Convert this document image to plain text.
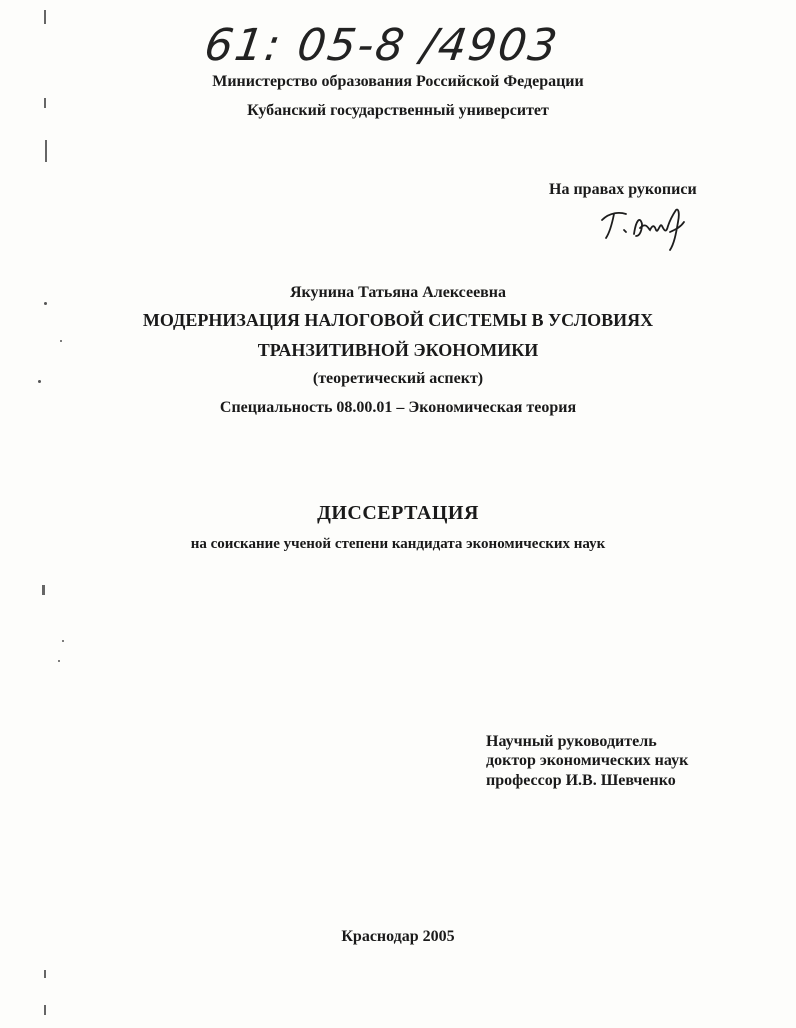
61: 05-8 /4903
Министерство образования Российской Федерации
Кубанский государственный университет
На правах рукописи
Якунина Татьяна Алексеевна
МОДЕРНИЗАЦИЯ НАЛОГОВОЙ СИСТЕМЫ В УСЛОВИЯХ
ТРАНЗИТИВНОЙ ЭКОНОМИКИ
(теоретический аспект)
Специальность 08.00.01 – Экономическая теория
ДИССЕРТАЦИЯ
на соискание ученой степени кандидата экономических наук
Научный руководитель
доктор экономических наук
профессор И.В. Шевченко
Краснодар 2005
